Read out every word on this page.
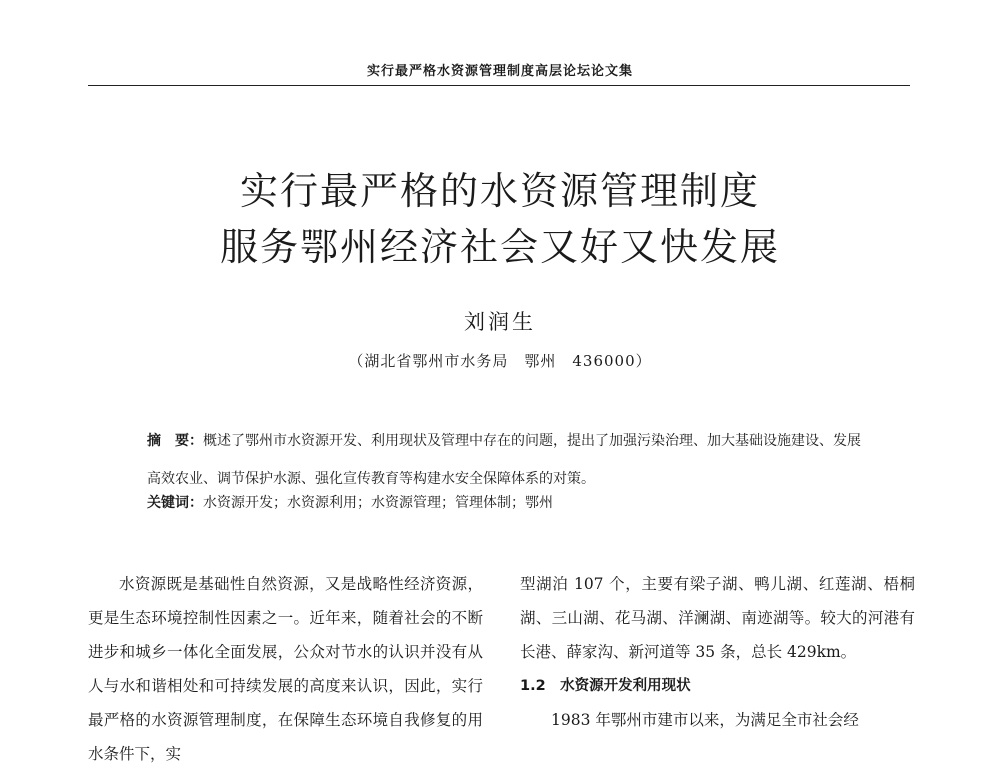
实行最严格水资源管理制度高层论坛论文集
实行最严格的水资源管理制度
服务鄂州经济社会又好又快发展
刘润生
（湖北省鄂州市水务局　鄂州　436000）
摘　要：概述了鄂州市水资源开发、利用现状及管理中存在的问题，提出了加强污染治理、加大基础设施建设、发展高效农业、调节保护水源、强化宣传教育等构建水安全保障体系的对策。
关键词：水资源开发；水资源利用；水资源管理；管理体制；鄂州

水资源既是基础性自然资源，又是战略性经济资源，更是生态环境控制性因素之一。近年来，随着社会的不断进步和城乡一体化全面发展，公众对节水的认识并没有从人与水和谐相处和可持续发展的高度来认识，因此，实行最严格的水资源管理制度，在保障生态环境自我修复的用水条件下，实

型湖泊 107 个，主要有梁子湖、鸭儿湖、红莲湖、梧桐湖、三山湖、花马湖、洋澜湖、南迹湖等。较大的河港有长港、薛家沟、新河道等 35 条，总长 429km。

1.2　水资源开发利用现状

1983 年鄂州市建市以来，为满足全市社会经
